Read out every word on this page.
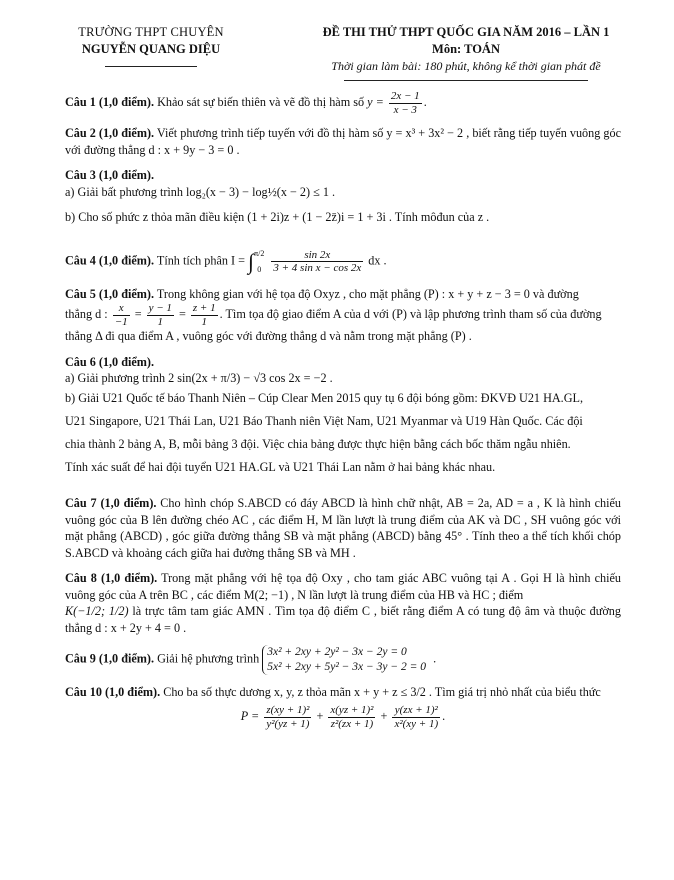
TRƯỜNG THPT CHUYÊN
NGUYỄN QUANG DIỆU
ĐỀ THI THỬ THPT QUỐC GIA NĂM 2016 – LẦN 1
Môn: TOÁN
Thời gian làm bài: 180 phút, không kể thời gian phát đề

Câu 1 (1,0 điểm). Khảo sát sự biến thiên và vẽ đồ thị hàm số $y = \frac{2x - 1}{x - 3}$ .

Câu 2 (1,0 điểm). Viết phương trình tiếp tuyến với đồ thị hàm số y = x³ + 3x² − 2 , biết rằng tiếp tuyến vuông góc với đường thẳng d : x + 9y − 3 = 0 .

Câu 3 (1,0 điểm).
a) Giải bất phương trình log₂(x − 3) − log½(x − 2) ≤ 1 .

b) Cho số phức z thỏa mãn điều kiện (1 + 2i)z + (1 − 2z̄)i = 1 + 3i . Tính môđun của z .

Câu 4 (1,0 điểm). Tính tích phân I = ∫π/2

$0 \frac{\sin 2x}{\text{3 + 4 sin x − cos 2x}}$ dx .

Câu 5 (1,0 điểm). Trong không gian với hệ tọa độ Oxyz , cho mặt phẳng (P) : x + y + z − 3 = 0 và đường
thẳng d : $\frac{x}{-1} = \frac{y - 1}{1} = \frac{z + 1}{1}$ . Tìm tọa độ giao điểm A của d với (P) và lập phương trình tham số của đường
thẳng Δ đi qua điểm A , vuông góc với đường thẳng d và nằm trong mặt phẳng (P) .

Câu 6 (1,0 điểm).
a) Giải phương trình 2 sin(2x + π/3) − √3 cos 2x = −2 .
b) Giải U21 Quốc tế báo Thanh Niên – Cúp Clear Men 2015 quy tụ 6 đội bóng gồm: ĐKVĐ U21 HA.GL,
U21 Singapore, U21 Thái Lan, U21 Báo Thanh niên Việt Nam, U21 Myanmar và U19 Hàn Quốc. Các đội
chia thành 2 bảng A, B, mỗi bảng 3 đội. Việc chia bảng được thực hiện bằng cách bốc thăm ngẫu nhiên.
Tính xác suất để hai đội tuyển U21 HA.GL và U21 Thái Lan nằm ở hai bảng khác nhau.

Câu 7 (1,0 điểm). Cho hình chóp S.ABCD có đáy ABCD là hình chữ nhật, AB = 2a, AD = a , K là hình chiếu vuông góc của B lên đường chéo AC , các điểm H, M lần lượt là trung điểm của AK và DC , SH vuông góc với mặt phẳng (ABCD) , góc giữa đường thẳng SB và mặt phẳng (ABCD) bằng 45° . Tính theo a thể tích khối chóp S.ABCD và khoảng cách giữa hai đường thẳng SB và MH .

Câu 8 (1,0 điểm). Trong mặt phẳng với hệ tọa độ Oxy , cho tam giác ABC vuông tại A . Gọi H là hình chiếu vuông góc của A trên BC , các điểm M(2; −1) , N lần lượt là trung điểm của HB và HC ; điểm
K(−1/2; 1/2) là trực tâm tam giác AMN . Tìm tọa độ điểm C , biết rằng điểm A có tung độ âm và thuộc đường thẳng d : x + 2y + 4 = 0 .

Câu 9 (1,0 điểm). Giải hệ phương trình 3x² + 2xy + 2y² − 3x − 2y = 0
5x² + 2xy + 5y² − 3x − 3y − 2 = 0 .

Câu 10 (1,0 điểm). Cho ba số thực dương x, y, z thỏa mãn x + y + z ≤ 3/2 . Tìm giá trị nhỏ nhất của biểu thức

$P = \frac{\text{z(xy + 1)²}}{\text{y²(yz + 1)}} + \frac{\text{x(yz + 1)²}}{\text{z²(zx + 1)}} + \frac{\text{y(zx + 1)²}}{\text{x²(xy + 1)}}$ .
